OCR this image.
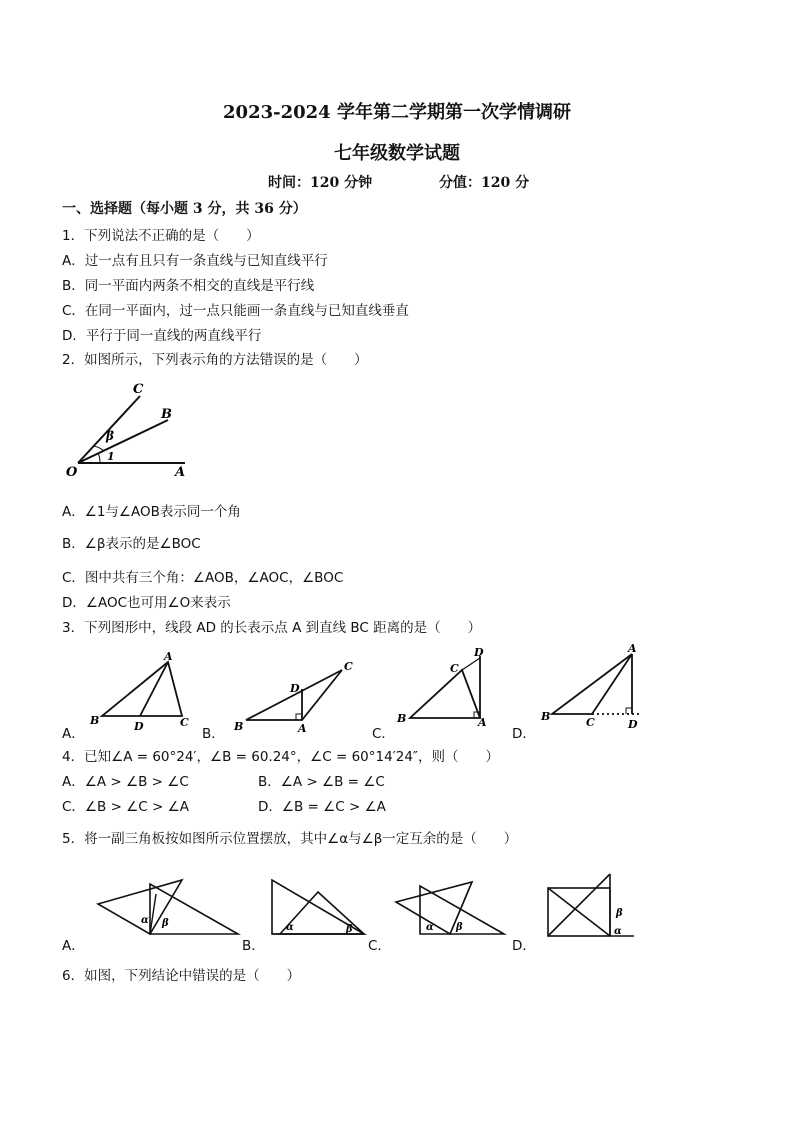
2023-2024 学年第二学期第一次学情调研
七年级数学试题
时间：120 分钟	分值：120 分
一、选择题（每小题 3 分，共 36 分）
1．下列说法不正确的是（　　）
A．过一点有且只有一条直线与已知直线平行
B．同一平面内两条不相交的直线是平行线
C．在同一平面内，过一点只能画一条直线与已知直线垂直
D．平行于同一直线的两直线平行
2．如图所示，下列表示角的方法错误的是（　　）
C
B
β
1
O	A
A．∠1与∠AOB表示同一个角
B．∠β表示的是∠BOC
C．图中共有三个角：∠AOB，∠AOC，∠BOC
D．∠AOC也可用∠O来表示
3．下列图形中，线段 AD 的长表示点 A 到直线 BC 距离的是（　　）
A
B	D	C
A．
C
D
B	A
B．
C
D
B	A
C．
A
B	C	D
D．
4．已知∠A = 60°24′，∠B = 60.24°，∠C = 60°14′24″，则（　　）
A．∠A > ∠B > ∠C	B．∠A > ∠B = ∠C
C．∠B > ∠C > ∠A	D．∠B = ∠C > ∠A
5．将一副三角板按如图所示位置摆放，其中∠α与∠β一定互余的是（　　）
α β
A．
α	β
B．
α β
C．
β
α
D．
6．如图，下列结论中错误的是（　　）
